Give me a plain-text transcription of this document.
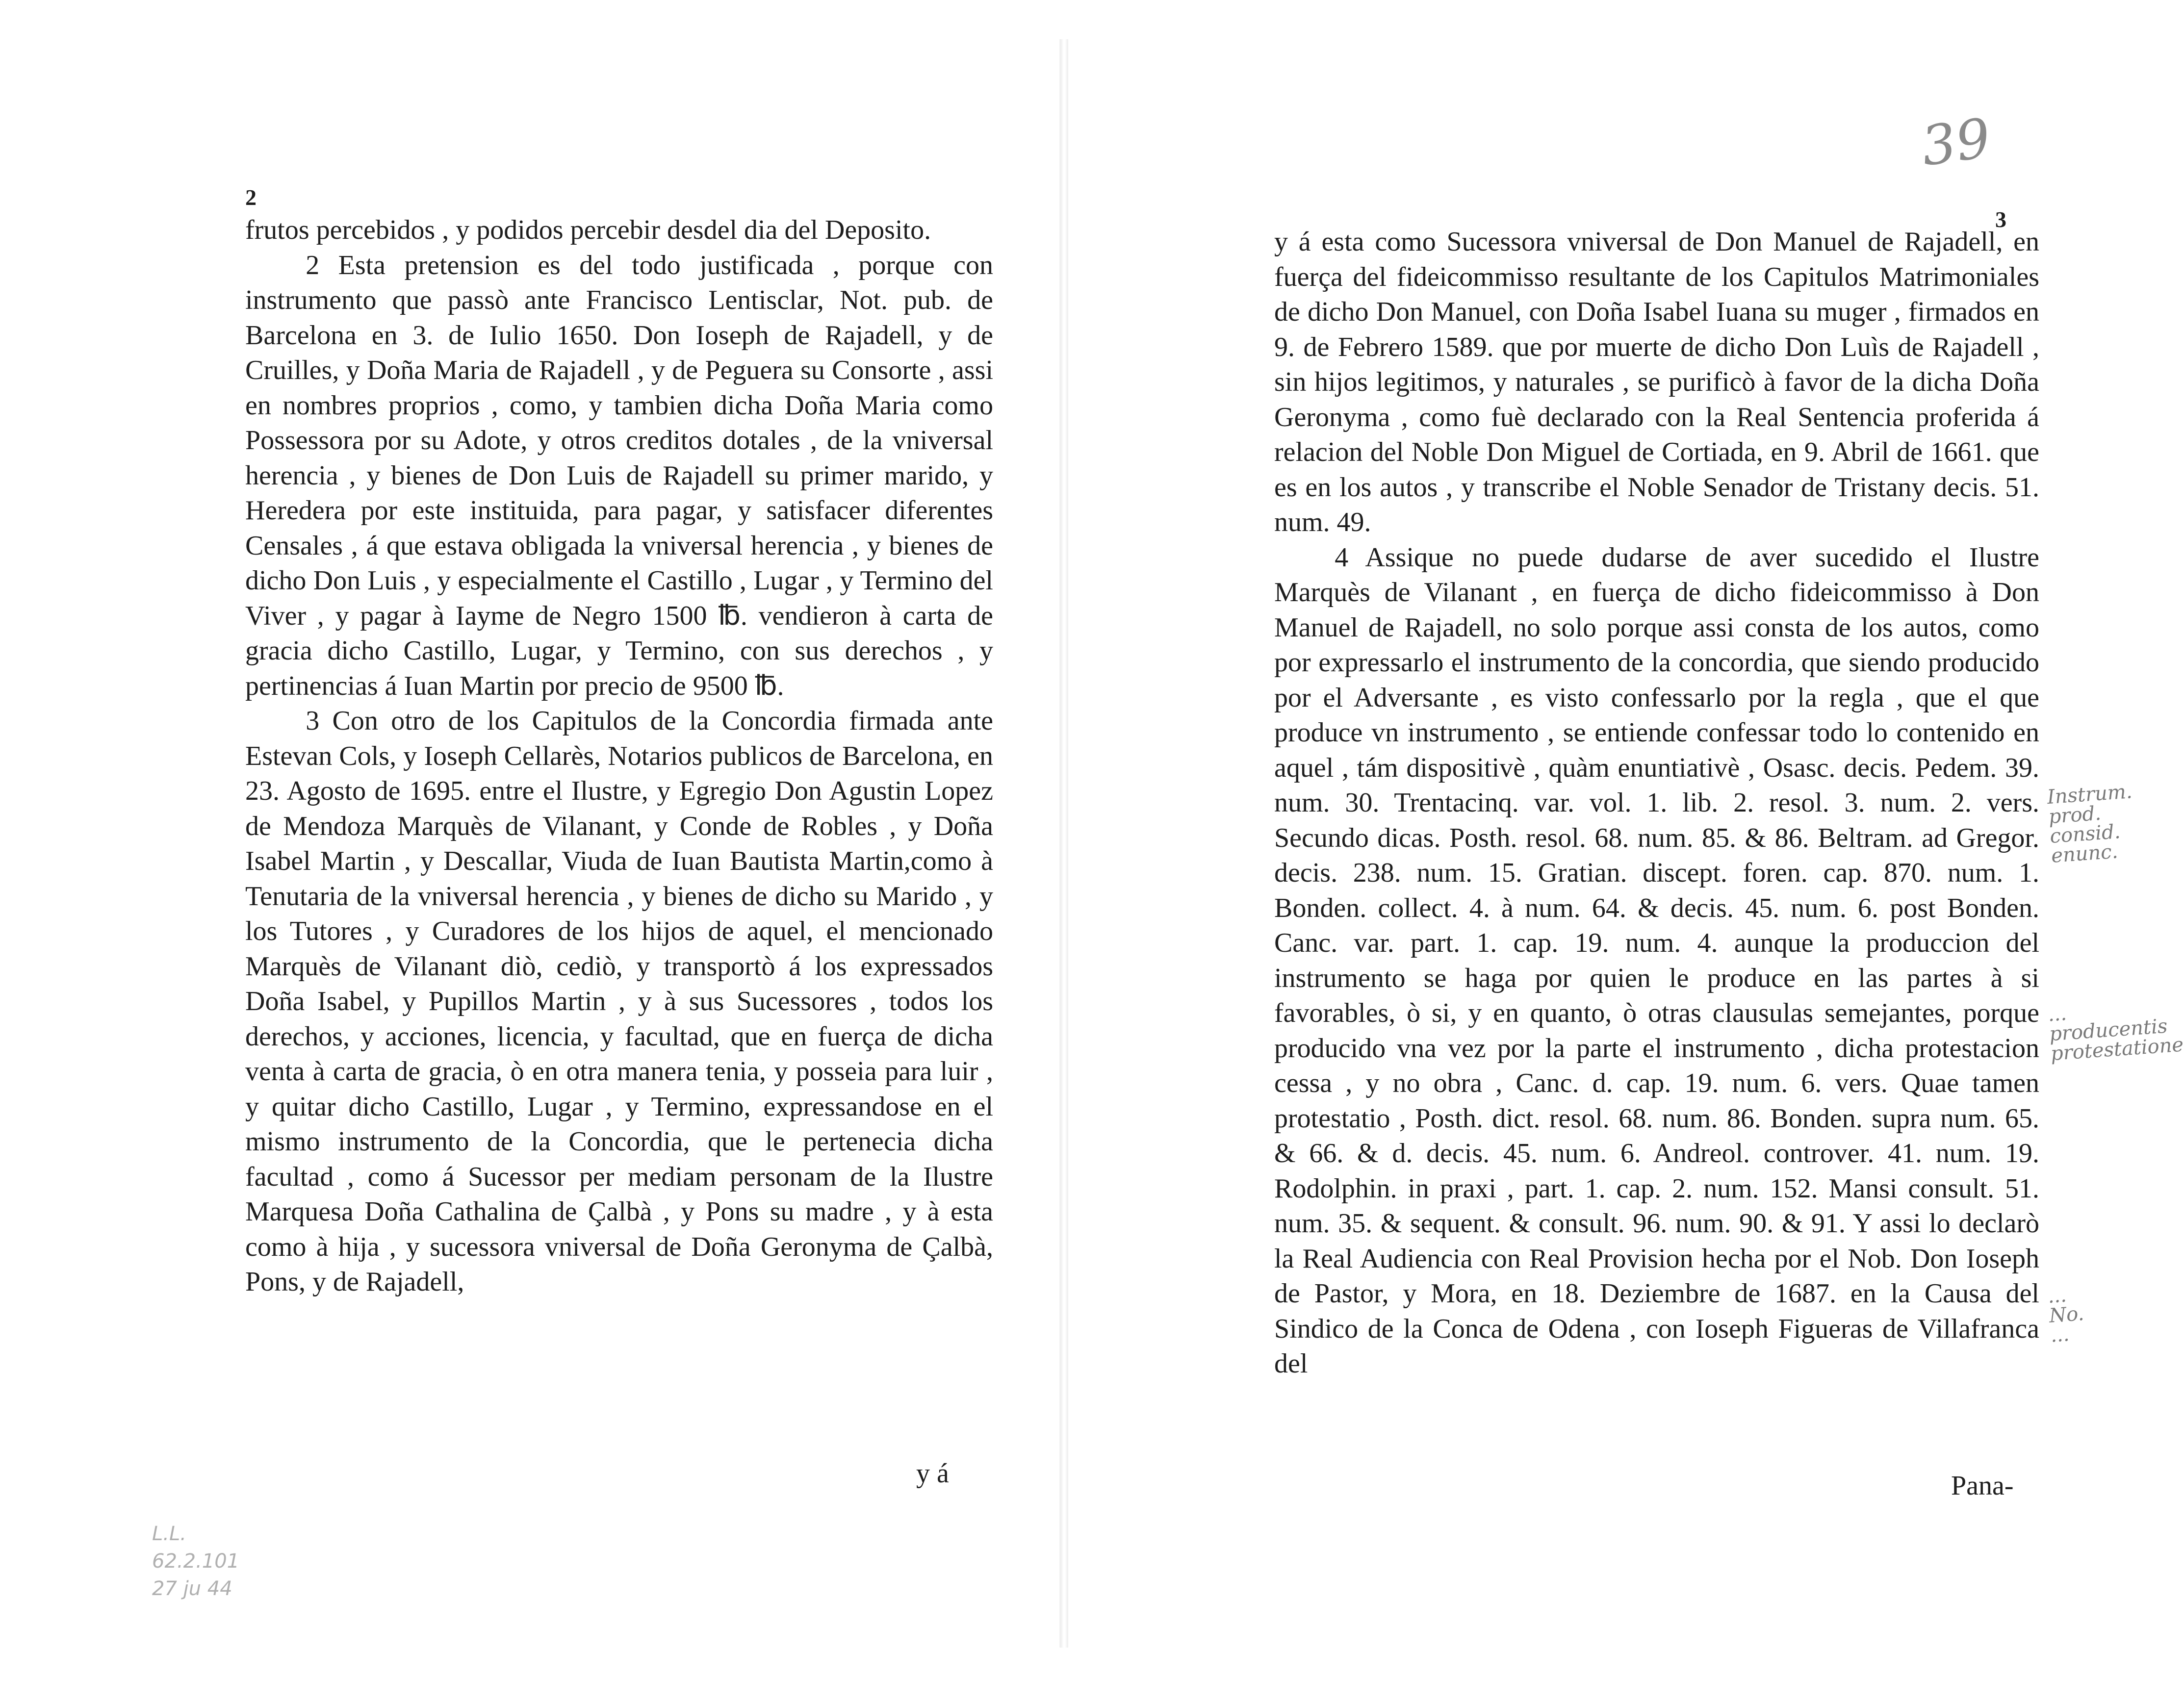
2

frutos percebidos , y podidos percebir desdel dia del Deposito.

2 Esta pretension es del todo justificada , porque con instrumento que passò ante Francisco Lentisclar, Not. pub. de Barcelona en 3. de Iulio 1650. Don Ioseph de Rajadell, y de Cruilles, y Doña Maria de Rajadell , y de Peguera su Consorte , assi en nombres proprios , como, y tambien dicha Doña Maria como Possessora por su Adote, y otros creditos dotales , de la vniversal herencia , y bienes de Don Luis de Rajadell su primer marido, y Heredera por este instituida, para pagar, y satisfacer diferentes Censales , á que estava obligada la vniversal herencia , y bienes de dicho Don Luis , y especialmente el Castillo , Lugar , y Termino del Viver , y pagar à Iayme de Negro 1500 ℔. vendieron à carta de gracia dicho Castillo, Lugar, y Termino, con sus derechos , y pertinencias á Iuan Martin por precio de 9500 ℔.

3 Con otro de los Capitulos de la Concordia firmada ante Estevan Cols, y Ioseph Cellarès, Notarios publicos de Barcelona, en 23. Agosto de 1695. entre el Ilustre, y Egregio Don Agustin Lopez de Mendoza Marquès de Vilanant, y Conde de Robles , y Doña Isabel Martin , y Descallar, Viuda de Iuan Bautista Martin,como à Tenutaria de la vniversal herencia , y bienes de dicho su Marido , y los Tutores , y Curadores de los hijos de aquel, el mencionado Marquès de Vilanant diò, cediò, y transportò á los expressados Doña Isabel, y Pupillos Martin , y à sus Sucessores , todos los derechos, y acciones, licencia, y facultad, que en fuerça de dicha venta à carta de gracia, ò en otra manera tenia, y posseia para luir , y quitar dicho Castillo, Lugar , y Termino, expressandose en el mismo instrumento de la Concordia, que le pertenecia dicha facultad , como á Sucessor per mediam personam de la Ilustre Marquesa Doña Cathalina de Çalbà , y Pons su madre , y à esta como à hija , y sucessora vniversal de Doña Geronyma de Çalbà, Pons, y de Rajadell,

y á
L.L.
62.2.101
27 ju 44
39
3

y á esta como Sucessora vniversal de Don Manuel de Rajadell, en fuerça del fideicommisso resultante de los Capitulos Matrimoniales de dicho Don Manuel, con Doña Isabel Iuana su muger , firmados en 9. de Febrero 1589. que por muerte de dicho Don Luìs de Rajadell , sin hijos legitimos, y naturales , se purificò à favor de la dicha Doña Geronyma , como fuè declarado con la Real Sentencia proferida á relacion del Noble Don Miguel de Cortiada, en 9. Abril de 1661. que es en los autos , y transcribe el Noble Senador de Tristany decis. 51. num. 49.

4 Assique no puede dudarse de aver sucedido el Ilustre Marquès de Vilanant , en fuerça de dicho fideicommisso à Don Manuel de Rajadell, no solo porque assi consta de los autos, como por expressarlo el instrumento de la concordia, que siendo producido por el Adversante , es visto confessarlo por la regla , que el que produce vn instrumento , se entiende confessar todo lo contenido en aquel , tám dispositivè , quàm enuntiativè , Osasc. decis. Pedem. 39. num. 30. Trentacinq. var. vol. 1. lib. 2. resol. 3. num. 2. vers. Secundo dicas. Posth. resol. 68. num. 85. & 86. Beltram. ad Gregor. decis. 238. num. 15. Gratian. discept. foren. cap. 870. num. 1. Bonden. collect. 4. à num. 64. & decis. 45. num. 6. post Bonden. Canc. var. part. 1. cap. 19. num. 4. aunque la produccion del instrumento se haga por quien le produce en las partes à si favorables, ò si, y en quanto, ò otras clausulas semejantes, porque producido vna vez por la parte el instrumento , dicha protestacion cessa , y no obra , Canc. d. cap. 19. num. 6. vers. Quae tamen protestatio , Posth. dict. resol. 68. num. 86. Bonden. supra num. 65. & 66. & d. decis. 45. num. 6. Andreol. controver. 41. num. 19. Rodolphin. in praxi , part. 1. cap. 2. num. 152. Mansi consult. 51. num. 35. & sequent. & consult. 96. num. 90. & 91. Y assi lo declarò la Real Audiencia con Real Provision hecha por el Nob. Don Ioseph de Pastor, y Mora, en 18. Deziembre de 1687. en la Causa del Sindico de la Conca de Odena , con Ioseph Figueras de Villafranca del

Pana-
Instrum. prod.
consid. enunc.
... producentis
protestatione
... No. ...
